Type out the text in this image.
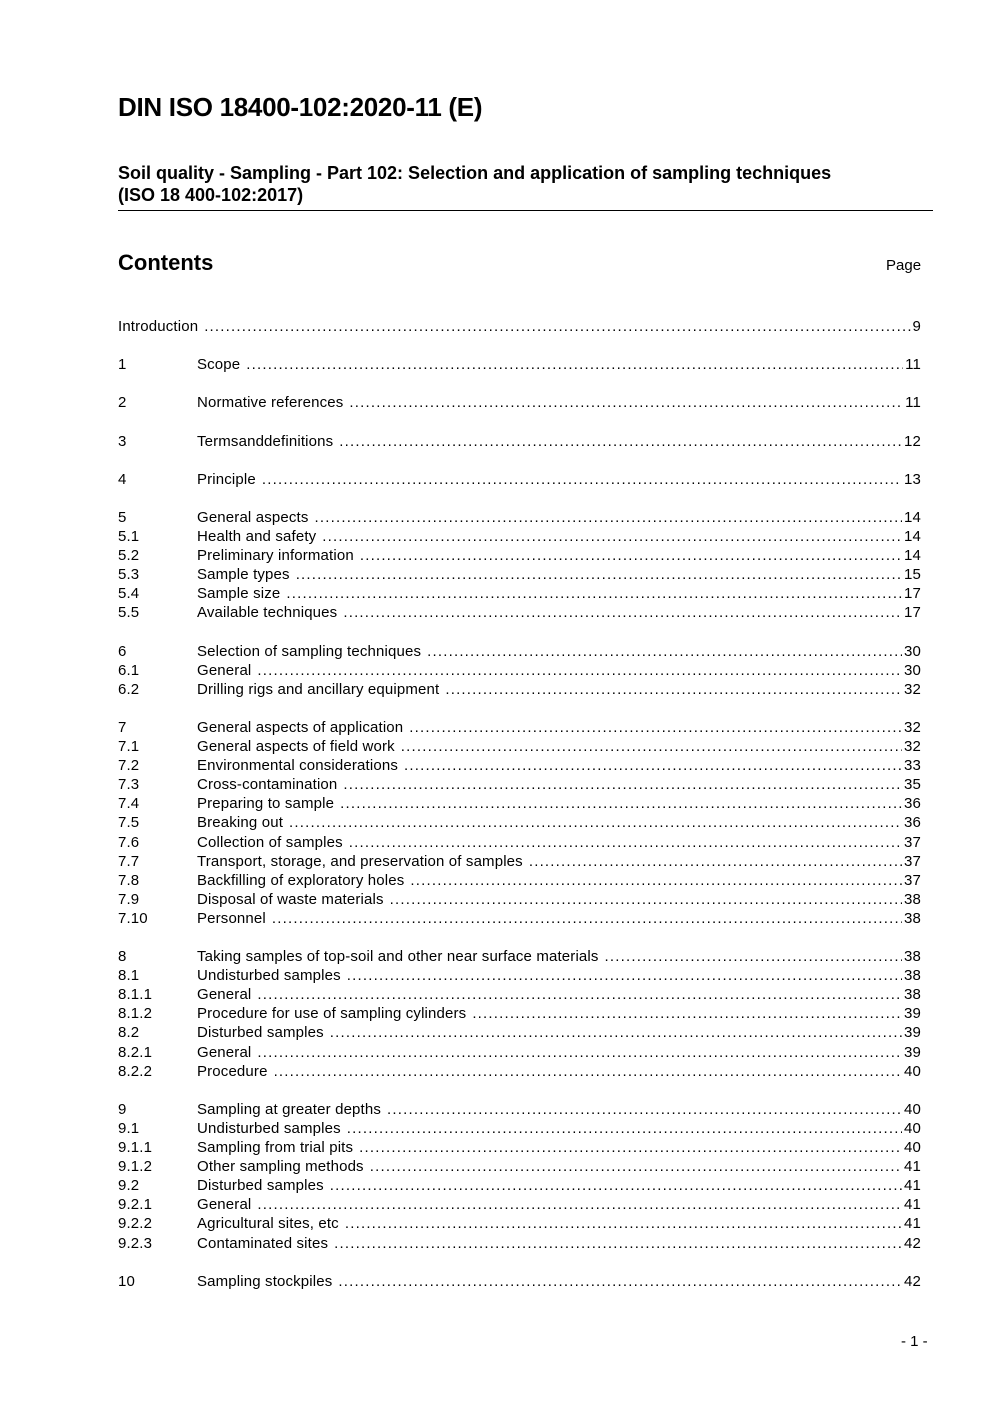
DIN ISO 18400-102:2020-11 (E)
Soil quality - Sampling - Part 102: Selection and application of sampling techniques
(ISO 18 400-102:2017)
Contents	Page
Introduction .....	9
1	Scope .....	11
2	Normative references .....	11
3	Termsanddefinitions .....	12
4	Principle .....	13
5	General aspects .....	14
5.1	Health and safety .....	14
5.2	Preliminary information .....	14
5.3	Sample types .....	15
5.4	Sample size .....	17
5.5	Available techniques .....	17
6	Selection of sampling techniques .....	30
6.1	General .....	30
6.2	Drilling rigs and ancillary equipment .....	32
7	General aspects of application .....	32
7.1	General aspects of field work .....	32
7.2	Environmental considerations .....	33
7.3	Cross-contamination .....	35
7.4	Preparing to sample .....	36
7.5	Breaking out .....	36
7.6	Collection of samples .....	37
7.7	Transport, storage, and preservation of samples .....	37
7.8	Backfilling of exploratory holes .....	37
7.9	Disposal of waste materials .....	38
7.10	Personnel .....	38
8	Taking samples of top-soil and other near surface materials .....	38
8.1	Undisturbed samples .....	38
8.1.1	General .....	38
8.1.2	Procedure for use of sampling cylinders .....	39
8.2	Disturbed samples .....	39
8.2.1	General .....	39
8.2.2	Procedure .....	40
9	Sampling at greater depths .....	40
9.1	Undisturbed samples .....	40
9.1.1	Sampling from trial pits .....	40
9.1.2	Other sampling methods .....	41
9.2	Disturbed samples .....	41
9.2.1	General .....	41
9.2.2	Agricultural sites, etc .....	41
9.2.3	Contaminated sites .....	42
10	Sampling stockpiles .....	42
- 1 -
